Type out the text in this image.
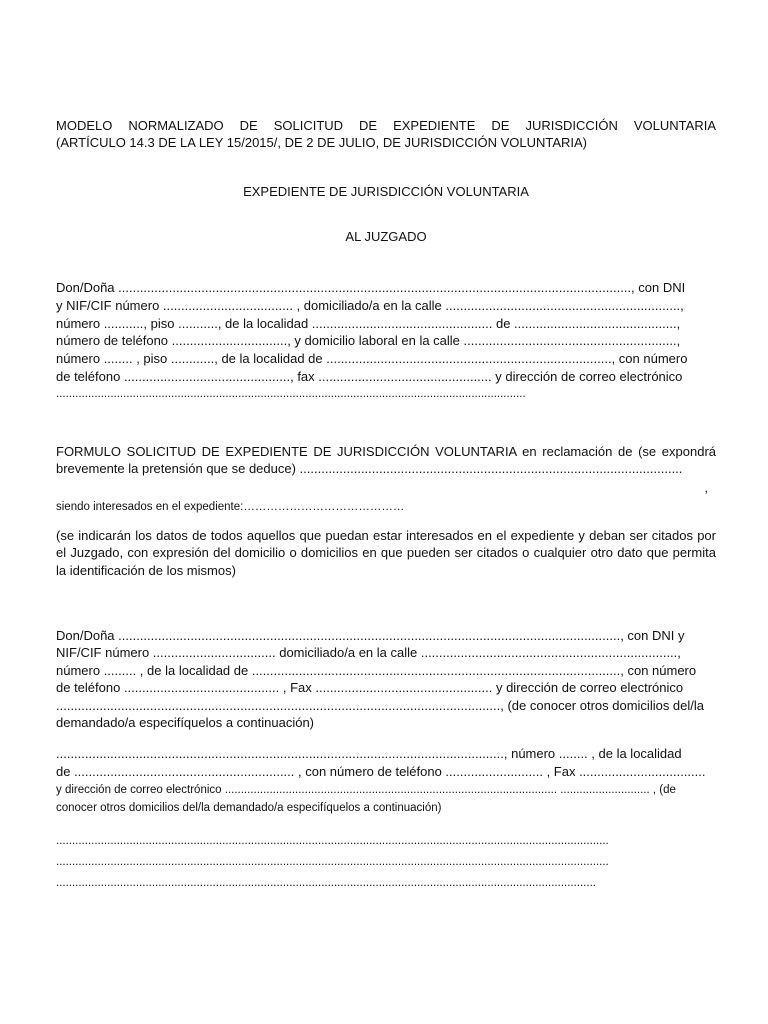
MODELO NORMALIZADO DE SOLICITUD DE EXPEDIENTE DE JURISDICCIÓN VOLUNTARIA
(ARTÍCULO 14.3 DE LA LEY 15/2015/, DE 2 DE JULIO, DE JURISDICCIÓN VOLUNTARIA)
EXPEDIENTE DE JURISDICCIÓN VOLUNTARIA
AL JUZGADO
Don/Doña .............................................................................................................................................., con DNI
y NIF/CIF número .................................... , domiciliado/a en la calle .................................................................,
número ..........., piso ..........., de la localidad .................................................. de .............................................,
número de teléfono ................................, y domicilio laboral en la calle ...........................................................,
número ........ , piso ............, de la localidad de ..............................................................................., con número
de teléfono .............................................., fax ................................................ y dirección de correo electrónico
...................................................................................................................................................
FORMULO SOLICITUD DE EXPEDIENTE DE JURISDICCIÓN VOLUNTARIA en reclamación de (se expondrá brevemente la pretensión que se deduce) ..........................................................................................................
,
siendo interesados en el expediente:……………………………………
(se indicarán los datos de todos aquellos que puedan estar interesados en el expediente y deban ser citados por el Juzgado, con expresión del domicilio o domicilios en que pueden ser citados o cualquier otro dato que permita la identificación de los mismos)
Don/Doña ..........................................................................................................................................., con DNI y
NIF/CIF número .................................. domiciliado/a en la calle .......................................................................,
número ......... , de la localidad de ......................................................................................................, con número
de teléfono ........................................... , Fax ................................................. y dirección de correo electrónico
..........................................................................................................................., (de conocer otros domicilios del/la
demandado/a especifíquelos a continuación)
............................................................................................................................, número ........ , de la localidad
de ............................................................. , con número de teléfono ........................... , Fax ...................................
y dirección de correo electrónico ........................................................................................................ ............................ , (de
conocer otros domicilios del/la demandado/a especifíquelos a continuación)
.............................................................................................................................................................................
.............................................................................................................................................................................
.........................................................................................................................................................................
